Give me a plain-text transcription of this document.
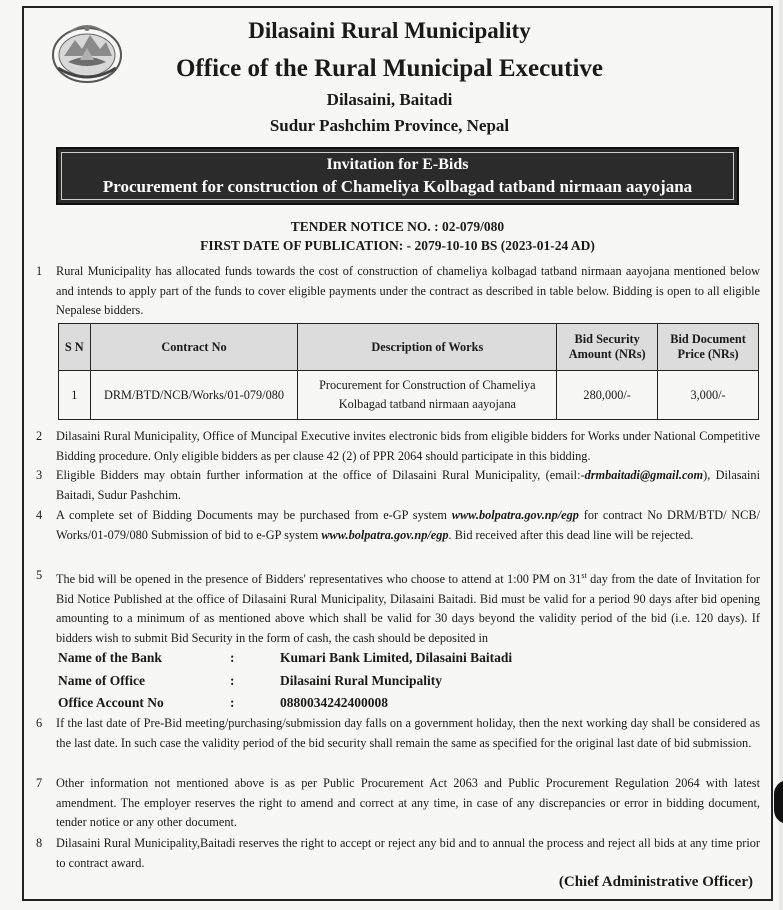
Dilasaini Rural Municipality
Office of the Rural Municipal Executive
Dilasaini, Baitadi
Sudur Pashchim Province, Nepal
Invitation for E-Bids
Procurement for construction of Chameliya Kolbagad tatband nirmaan aayojana
TENDER NOTICE NO. : 02-079/080
FIRST DATE OF PUBLICATION: - 2079-10-10 BS (2023-01-24 AD)
1 Rural Municipality has allocated funds towards the cost of construction of chameliya kolbagad tatband nirmaan aayojana mentioned below and intends to apply part of the funds to cover eligible payments under the contract as described in table below. Bidding is open to all eligible Nepalese bidders.
S N	Contract No	Description of Works	Bid Security Amount (NRs)	Bid Document Price (NRs)
1	DRM/BTD/NCB/Works/01-079/080	Procurement for Construction of Chameliya Kolbagad tatband nirmaan aayojana	280,000/-	3,000/-
2 Dilasaini Rural Municipality, Office of Muncipal Executive invites electronic bids from eligible bidders for Works under National Competitive Bidding procedure. Only eligible bidders as per clause 42 (2) of PPR 2064 should participate in this bidding.
3 Eligible Bidders may obtain further information at the office of Dilasaini Rural Municipality, (email:-drmbaitadi@gmail.com), Dilasaini Baitadi, Sudur Pashchim.
4 A complete set of Bidding Documents may be purchased from e-GP system www.bolpatra.gov.np/egp for contract No DRM/BTD/ NCB/ Works/01-079/080 Submission of bid to e-GP system www.bolpatra.gov.np/egp. Bid received after this dead line will be rejected.
5 The bid will be opened in the presence of Bidders' representatives who choose to attend at 1:00 PM on 31st day from the date of Invitation for Bid Notice Published at the office of Dilasaini Rural Municipality, Dilasaini Baitadi. Bid must be valid for a period 90 days after bid opening amounting to a minimum of as mentioned above which shall be valid for 30 days beyond the validity period of the bid (i.e. 120 days). If bidders wish to submit Bid Security in the form of cash, the cash should be deposited in
Name of the Bank	:	Kumari Bank Limited, Dilasaini Baitadi
Name of Office	:	Dilasaini Rural Muncipality
Office Account No	:	0880034242400008
6 If the last date of Pre-Bid meeting/purchasing/submission day falls on a government holiday, then the next working day shall be considered as the last date. In such case the validity period of the bid security shall remain the same as specified for the original last date of bid submission.
7 Other information not mentioned above is as per Public Procurement Act 2063 and Public Procurement Regulation 2064 with latest amendment. The employer reserves the right to amend and correct at any time, in case of any discrepancies or error in bidding document, tender notice or any other document.
8 Dilasaini Rural Municipality,Baitadi reserves the right to accept or reject any bid and to annual the process and reject all bids at any time prior to contract award.
(Chief Administrative Officer)
